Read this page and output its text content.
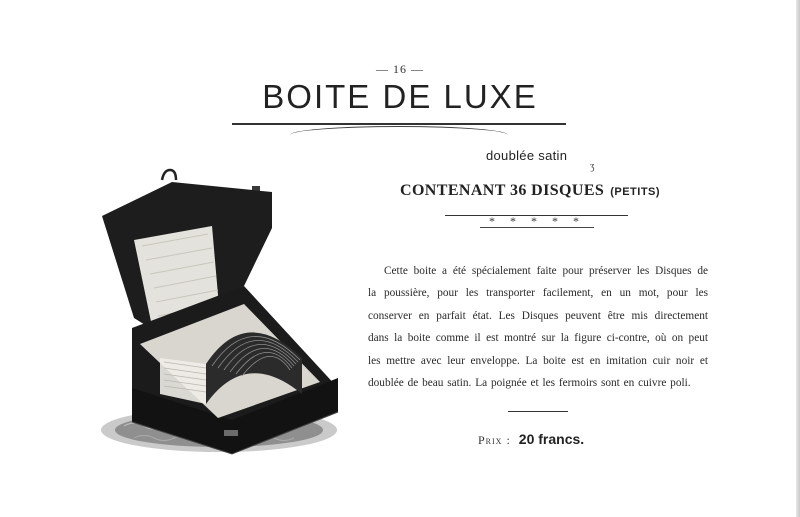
— 16 —
BOITE DE LUXE
doublée satin
ʒ
CONTENANT 36 DISQUES (PETITS)
* * * * *
Cette boite a été spécialement faite pour préserver les Disques de
la poussière, pour les transporter facilement, en un mot, pour les
conserver en parfait état. Les Disques peuvent être mis directement
dans la boite comme il est montré sur la figure ci-contre, où on peut
les mettre avec leur enveloppe. La boite est en imitation cuir noir et
doublée de beau satin. La poignée et les fermoirs sont en cuivre poli.
Prix : 20 francs.
